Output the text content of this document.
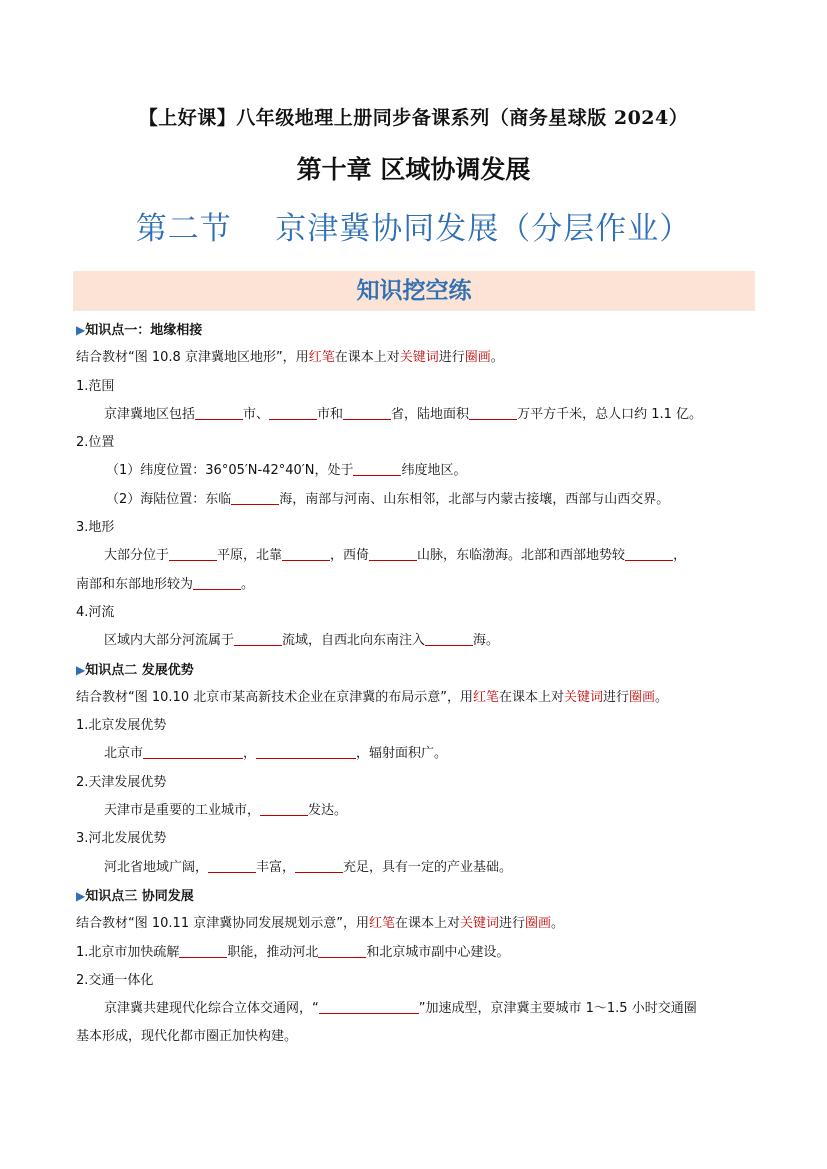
【上好课】八年级地理上册同步备课系列（商务星球版 2024）
第十章 区域协调发展
第二节    京津冀协同发展（分层作业）
知识挖空练
▶知识点一：地缘相接
结合教材“图 10.8 京津冀地区地形”，用红笔在课本上对关键词进行圈画。
1.范围
京津冀地区包括	市、	市和	省，陆地面积	万平方千米，总人口约 1.1 亿。
2.位置
（1）纬度位置：36°05′N-42°40′N，处于	纬度地区。
（2）海陆位置：东临	海，南部与河南、山东相邻，北部与内蒙古接壤，西部与山西交界。
3.地形
大部分位于	平原，北靠	，西倚	山脉，东临渤海。北部和西部地势较	，
南部和东部地形较为	。
4.河流
区域内大部分河流属于	流域，自西北向东南注入	海。
▶知识点二 发展优势
结合教材“图 10.10 北京市某高新技术企业在京津冀的布局示意”，用红笔在课本上对关键词进行圈画。
1.北京发展优势
北京市	，	，辐射面积广。
2.天津发展优势
天津市是重要的工业城市，	发达。
3.河北发展优势
河北省地域广阔，	丰富，	充足，具有一定的产业基础。
▶知识点三 协同发展
结合教材“图 10.11 京津冀协同发展规划示意”，用红笔在课本上对关键词进行圈画。
1.北京市加快疏解	职能，推动河北	和北京城市副中心建设。
2.交通一体化
京津冀共建现代化综合立体交通网，“	”加速成型，京津冀主要城市 1～1.5 小时交通圈
基本形成，现代化都市圈正加快构建。
